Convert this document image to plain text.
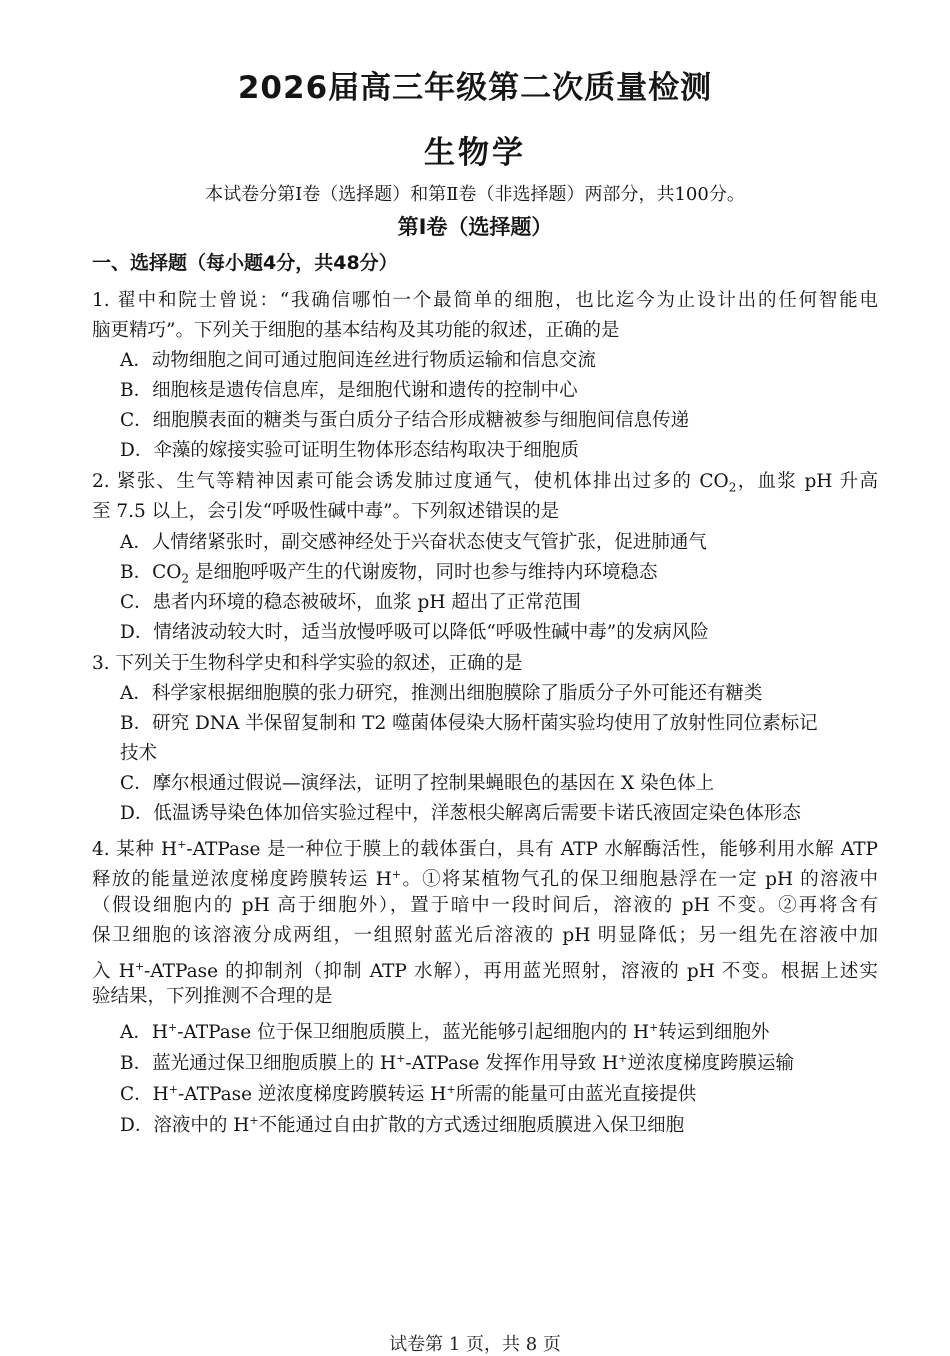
2026届高三年级第二次质量检测
生物学
本试卷分第Ⅰ卷（选择题）和第Ⅱ卷（非选择题）两部分，共100分。
第Ⅰ卷（选择题）
一、选择题（每小题4分，共48分）
1. 翟中和院士曾说：“我确信哪怕一个最简单的细胞，也比迄今为止设计出的任何智能电
脑更精巧”。下列关于细胞的基本结构及其功能的叙述，正确的是
A．动物细胞之间可通过胞间连丝进行物质运输和信息交流
B．细胞核是遗传信息库，是细胞代谢和遗传的控制中心
C．细胞膜表面的糖类与蛋白质分子结合形成糖被参与细胞间信息传递
D．伞藻的嫁接实验可证明生物体形态结构取决于细胞质
2. 紧张、生气等精神因素可能会诱发肺过度通气，使机体排出过多的 $CO_2$，血浆 pH 升高
至 7.5 以上，会引发“呼吸性碱中毒”。下列叙述错误的是
A．人情绪紧张时，副交感神经处于兴奋状态使支气管扩张，促进肺通气
B．$CO_2$ 是细胞呼吸产生的代谢废物，同时也参与维持内环境稳态
C．患者内环境的稳态被破坏，血浆 pH 超出了正常范围
D．情绪波动较大时，适当放慢呼吸可以降低“呼吸性碱中毒”的发病风险
3. 下列关于生物科学史和科学实验的叙述，正确的是
A．科学家根据细胞膜的张力研究，推测出细胞膜除了脂质分子外可能还有糖类
B．研究 DNA 半保留复制和 T2 噬菌体侵染大肠杆菌实验均使用了放射性同位素标记
技术
C．摩尔根通过假说—演绎法，证明了控制果蝇眼色的基因在 X 染色体上
D．低温诱导染色体加倍实验过程中，洋葱根尖解离后需要卡诺氏液固定染色体形态
4. 某种 H+-ATPase 是一种位于膜上的载体蛋白，具有 ATP 水解酶活性，能够利用水解 ATP
释放的能量逆浓度梯度跨膜转运 H+。①将某植物气孔的保卫细胞悬浮在一定 pH 的溶液中
（假设细胞内的 pH 高于细胞外），置于暗中一段时间后，溶液的 pH 不变。②再将含有
保卫细胞的该溶液分成两组，一组照射蓝光后溶液的 pH 明显降低；另一组先在溶液中加
入 H+-ATPase 的抑制剂（抑制 ATP 水解），再用蓝光照射，溶液的 pH 不变。根据上述实
验结果，下列推测不合理的是
A．H+-ATPase 位于保卫细胞质膜上，蓝光能够引起细胞内的 H+转运到细胞外
B．蓝光通过保卫细胞质膜上的 H+-ATPase 发挥作用导致 H+逆浓度梯度跨膜运输
C．H+-ATPase 逆浓度梯度跨膜转运 H+所需的能量可由蓝光直接提供
D．溶液中的 H+不能通过自由扩散的方式透过细胞质膜进入保卫细胞
试卷第 1 页，共 8 页
